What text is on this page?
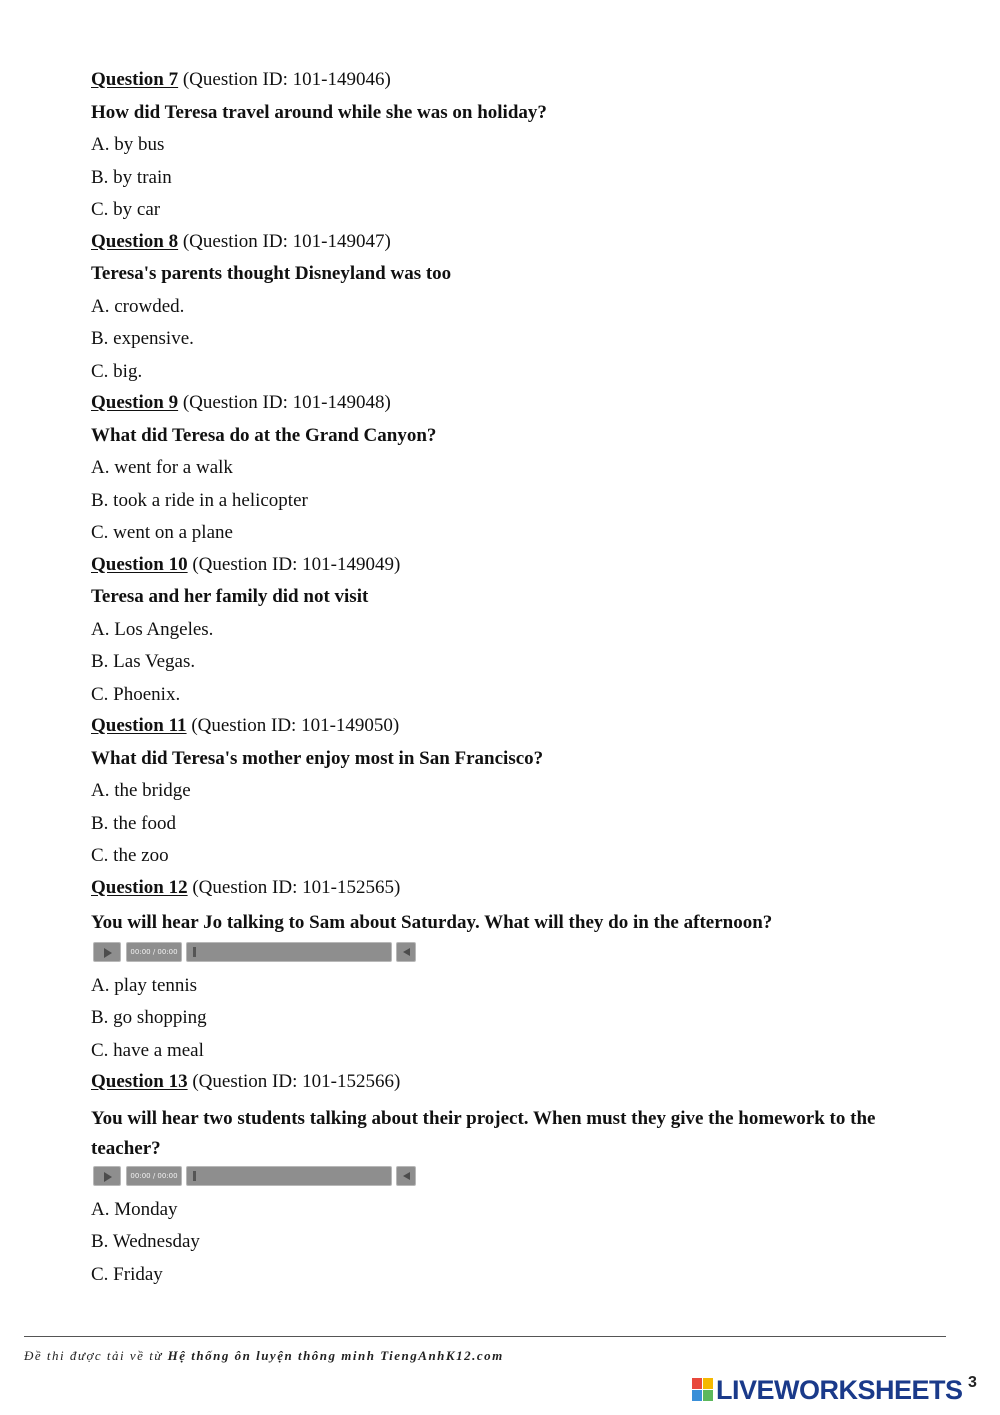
Question 7 (Question ID: 101-149046)
How did Teresa travel around while she was on holiday?
A. by bus
B. by train
C. by car
Question 8 (Question ID: 101-149047)
Teresa's parents thought Disneyland was too
A. crowded.
B. expensive.
C. big.
Question 9 (Question ID: 101-149048)
What did Teresa do at the Grand Canyon?
A. went for a walk
B. took a ride in a helicopter
C. went on a plane
Question 10 (Question ID: 101-149049)
Teresa and her family did not visit
A. Los Angeles.
B. Las Vegas.
C. Phoenix.
Question 11 (Question ID: 101-149050)
What did Teresa's mother enjoy most in San Francisco?
A. the bridge
B. the food
C. the zoo
Question 12 (Question ID: 101-152565)
You will hear Jo talking to Sam about Saturday. What will they do in the afternoon?
00:00 / 00:00
A. play tennis
B. go shopping
C. have a meal
Question 13 (Question ID: 101-152566)
You will hear two students talking about their project. When must they give the homework to the teacher?
00:00 / 00:00
A. Monday
B. Wednesday
C. Friday
Đề thi được tải về từ Hệ thống ôn luyện thông minh TiengAnhK12.com
LIVEWORKSHEETS 3
